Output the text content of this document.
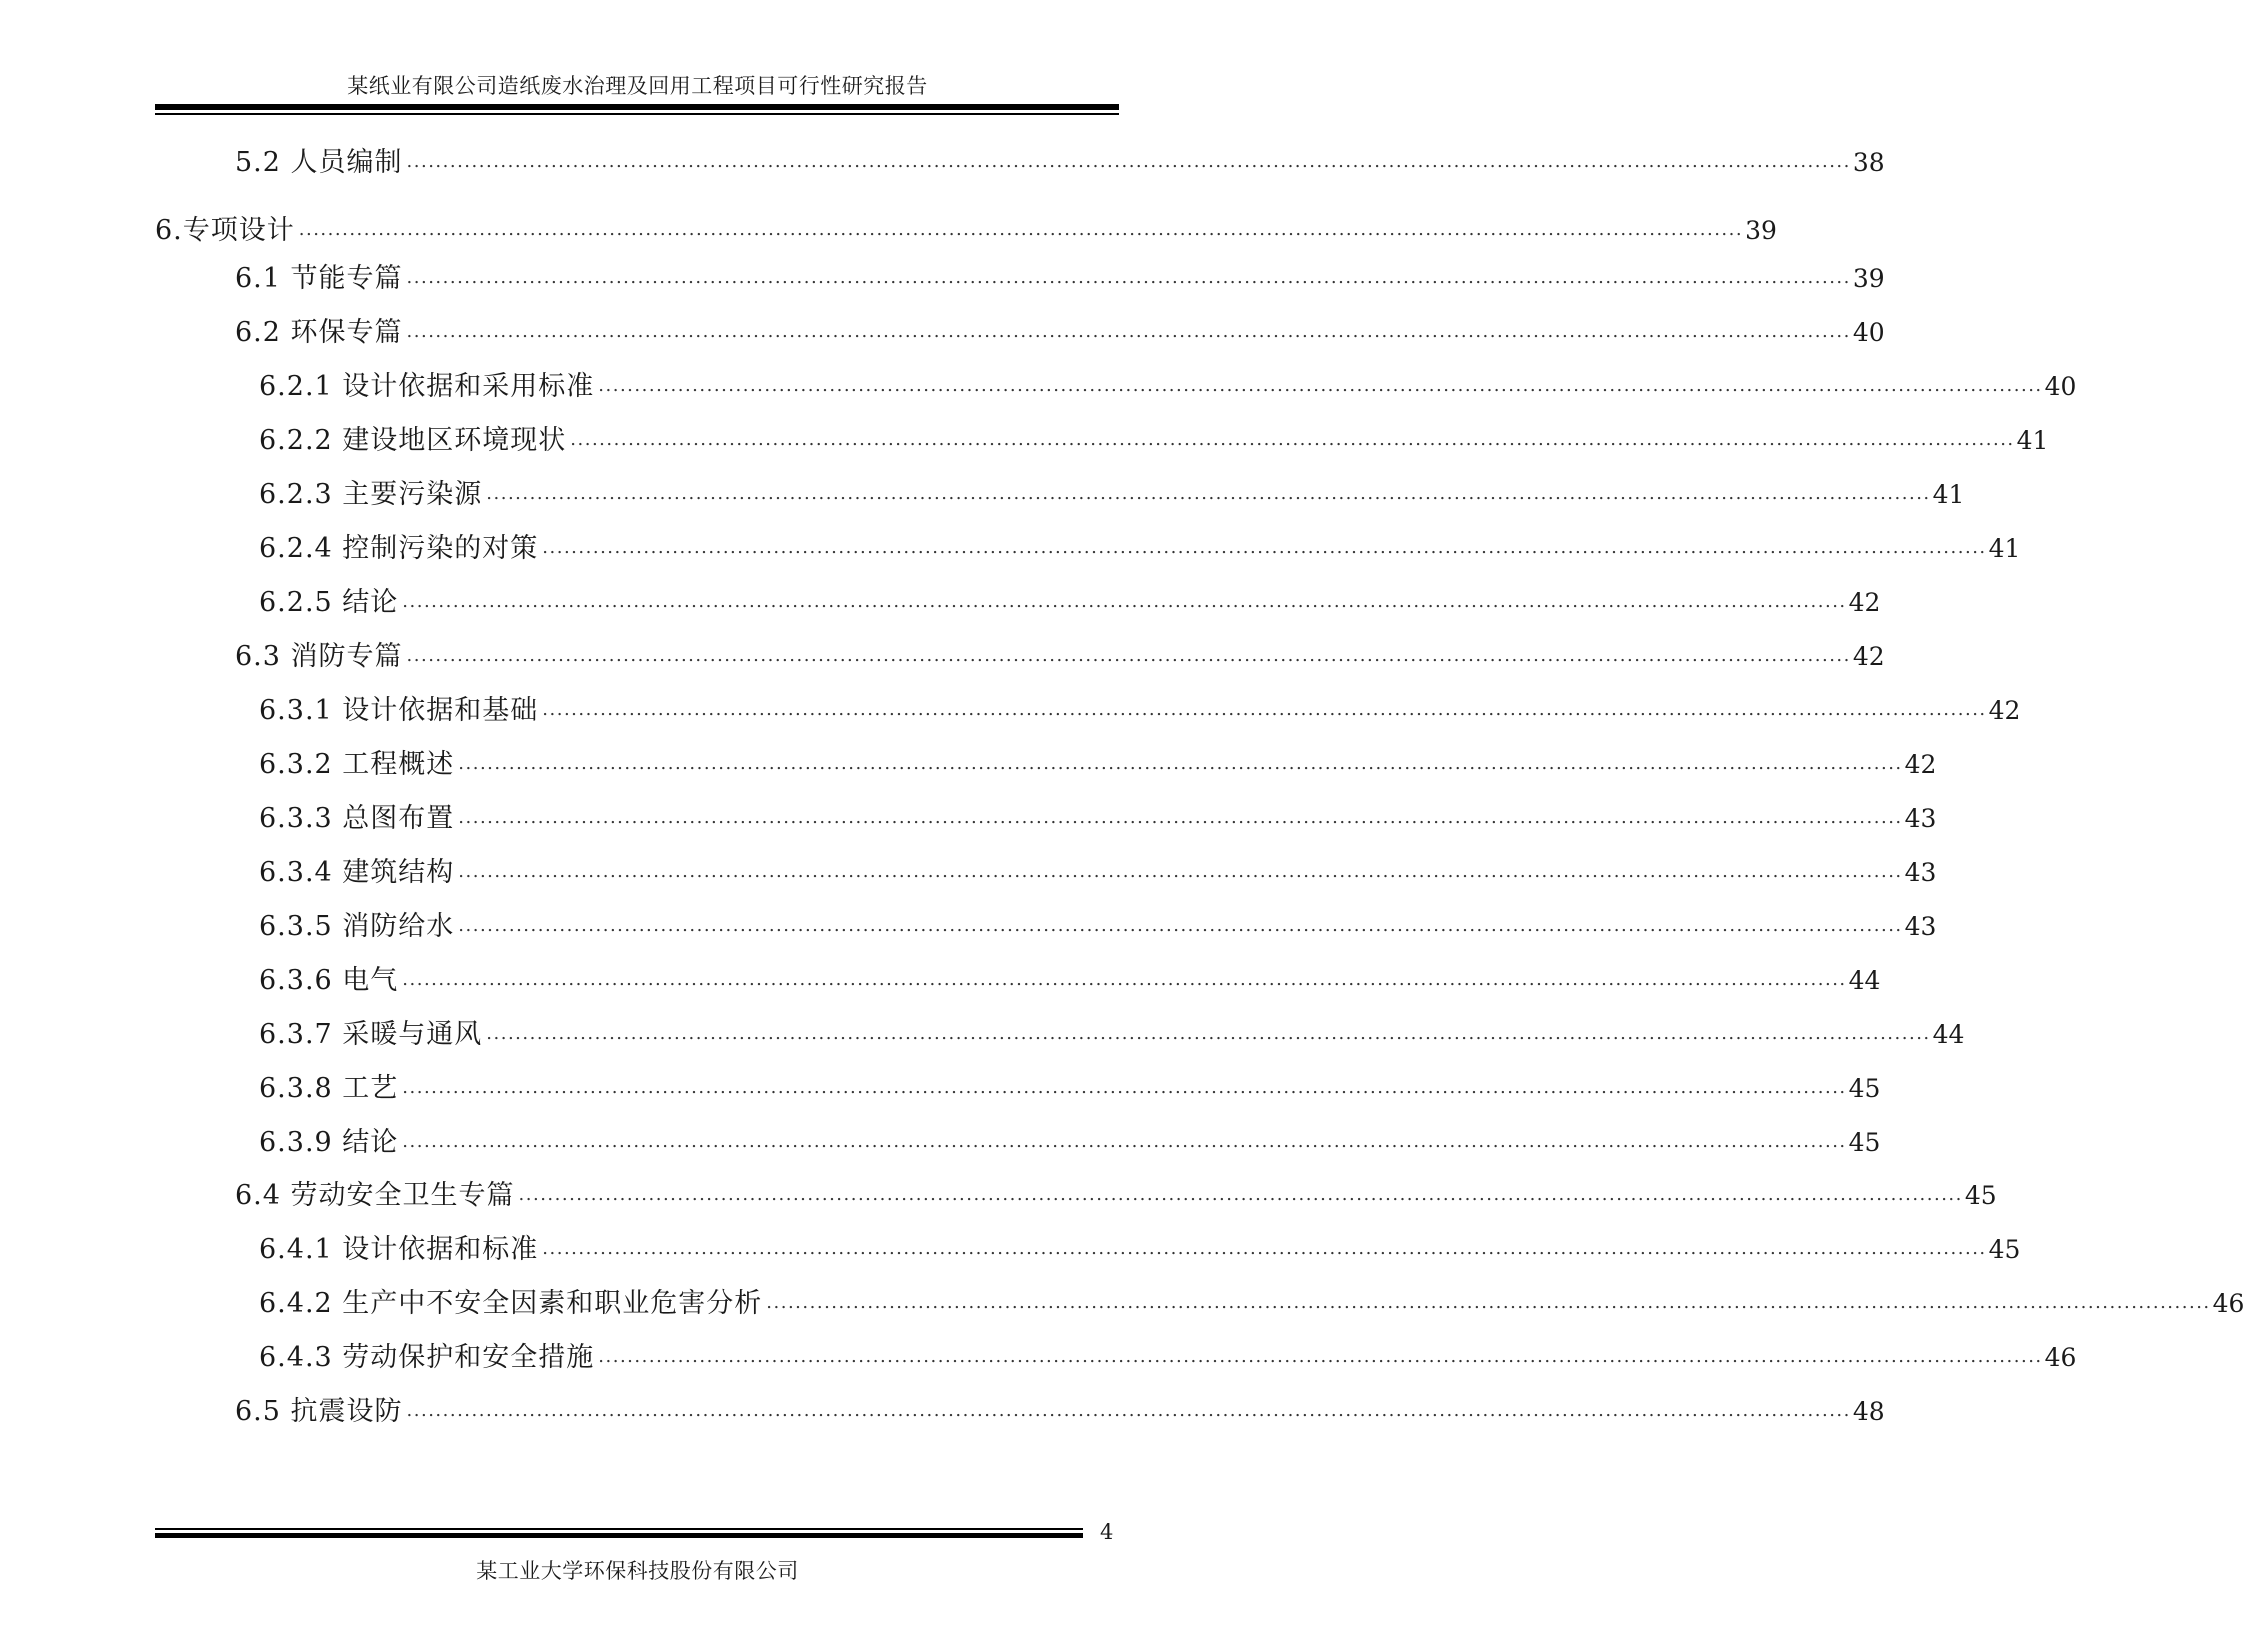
某纸业有限公司造纸废水治理及回用工程项目可行性研究报告
5.2 人员编制 ........................................................................................................................................................................................................ 38
6.专项设计 ........................................................................................................................................................................................................ 39
6.1 节能专篇 ........................................................................................................................................................................................................ 39
6.2 环保专篇 ........................................................................................................................................................................................................ 40
6.2.1 设计依据和采用标准 ........................................................................................................................................................................................................ 40
6.2.2 建设地区环境现状 ........................................................................................................................................................................................................ 41
6.2.3 主要污染源 ........................................................................................................................................................................................................ 41
6.2.4 控制污染的对策 ........................................................................................................................................................................................................ 41
6.2.5 结论 ........................................................................................................................................................................................................ 42
6.3 消防专篇 ........................................................................................................................................................................................................ 42
6.3.1 设计依据和基础 ........................................................................................................................................................................................................ 42
6.3.2 工程概述 ........................................................................................................................................................................................................ 42
6.3.3 总图布置 ........................................................................................................................................................................................................ 43
6.3.4 建筑结构 ........................................................................................................................................................................................................ 43
6.3.5 消防给水 ........................................................................................................................................................................................................ 43
6.3.6 电气 ........................................................................................................................................................................................................ 44
6.3.7 采暖与通风 ........................................................................................................................................................................................................ 44
6.3.8 工艺 ........................................................................................................................................................................................................ 45
6.3.9 结论 ........................................................................................................................................................................................................ 45
6.4 劳动安全卫生专篇 ........................................................................................................................................................................................................ 45
6.4.1 设计依据和标准 ........................................................................................................................................................................................................ 45
6.4.2 生产中不安全因素和职业危害分析 ........................................................................................................................................................................................................ 46
6.4.3 劳动保护和安全措施 ........................................................................................................................................................................................................ 46
6.5 抗震设防 ........................................................................................................................................................................................................ 48
4
某工业大学环保科技股份有限公司
